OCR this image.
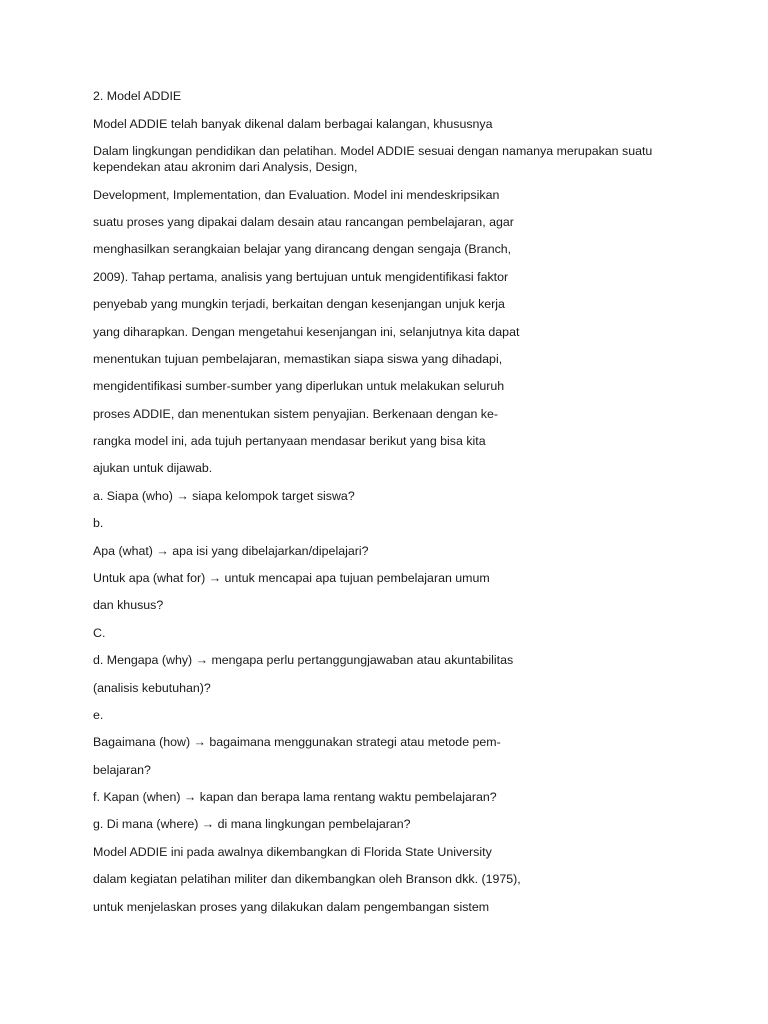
2. Model ADDIE
Model ADDIE telah banyak dikenal dalam berbagai kalangan, khususnya
Dalam lingkungan pendidikan dan pelatihan. Model ADDIE sesuai dengan namanya merupakan suatu
kependekan atau akronim dari Analysis, Design,
Development, Implementation, dan Evaluation. Model ini mendeskripsikan
suatu proses yang dipakai dalam desain atau rancangan pembelajaran, agar
menghasilkan serangkaian belajar yang dirancang dengan sengaja (Branch,
2009). Tahap pertama, analisis yang bertujuan untuk mengidentifikasi faktor
penyebab yang mungkin terjadi, berkaitan dengan kesenjangan unjuk kerja
yang diharapkan. Dengan mengetahui kesenjangan ini, selanjutnya kita dapat
menentukan tujuan pembelajaran, memastikan siapa siswa yang dihadapi,
mengidentifikasi sumber-sumber yang diperlukan untuk melakukan seluruh
proses ADDIE, dan menentukan sistem penyajian. Berkenaan dengan ke-
rangka model ini, ada tujuh pertanyaan mendasar berikut yang bisa kita
ajukan untuk dijawab.
a. Siapa (who) → siapa kelompok target siswa?
b.
Apa (what) → apa isi yang dibelajarkan/dipelajari?
Untuk apa (what for) → untuk mencapai apa tujuan pembelajaran umum
dan khusus?
C.
d. Mengapa (why) → mengapa perlu pertanggungjawaban atau akuntabilitas
(analisis kebutuhan)?
e.
Bagaimana (how) → bagaimana menggunakan strategi atau metode pem-
belajaran?
f. Kapan (when) → kapan dan berapa lama rentang waktu pembelajaran?
g. Di mana (where) → di mana lingkungan pembelajaran?
Model ADDIE ini pada awalnya dikembangkan di Florida State University
dalam kegiatan pelatihan militer dan dikembangkan oleh Branson dkk. (1975),
untuk menjelaskan proses yang dilakukan dalam pengembangan sistem
